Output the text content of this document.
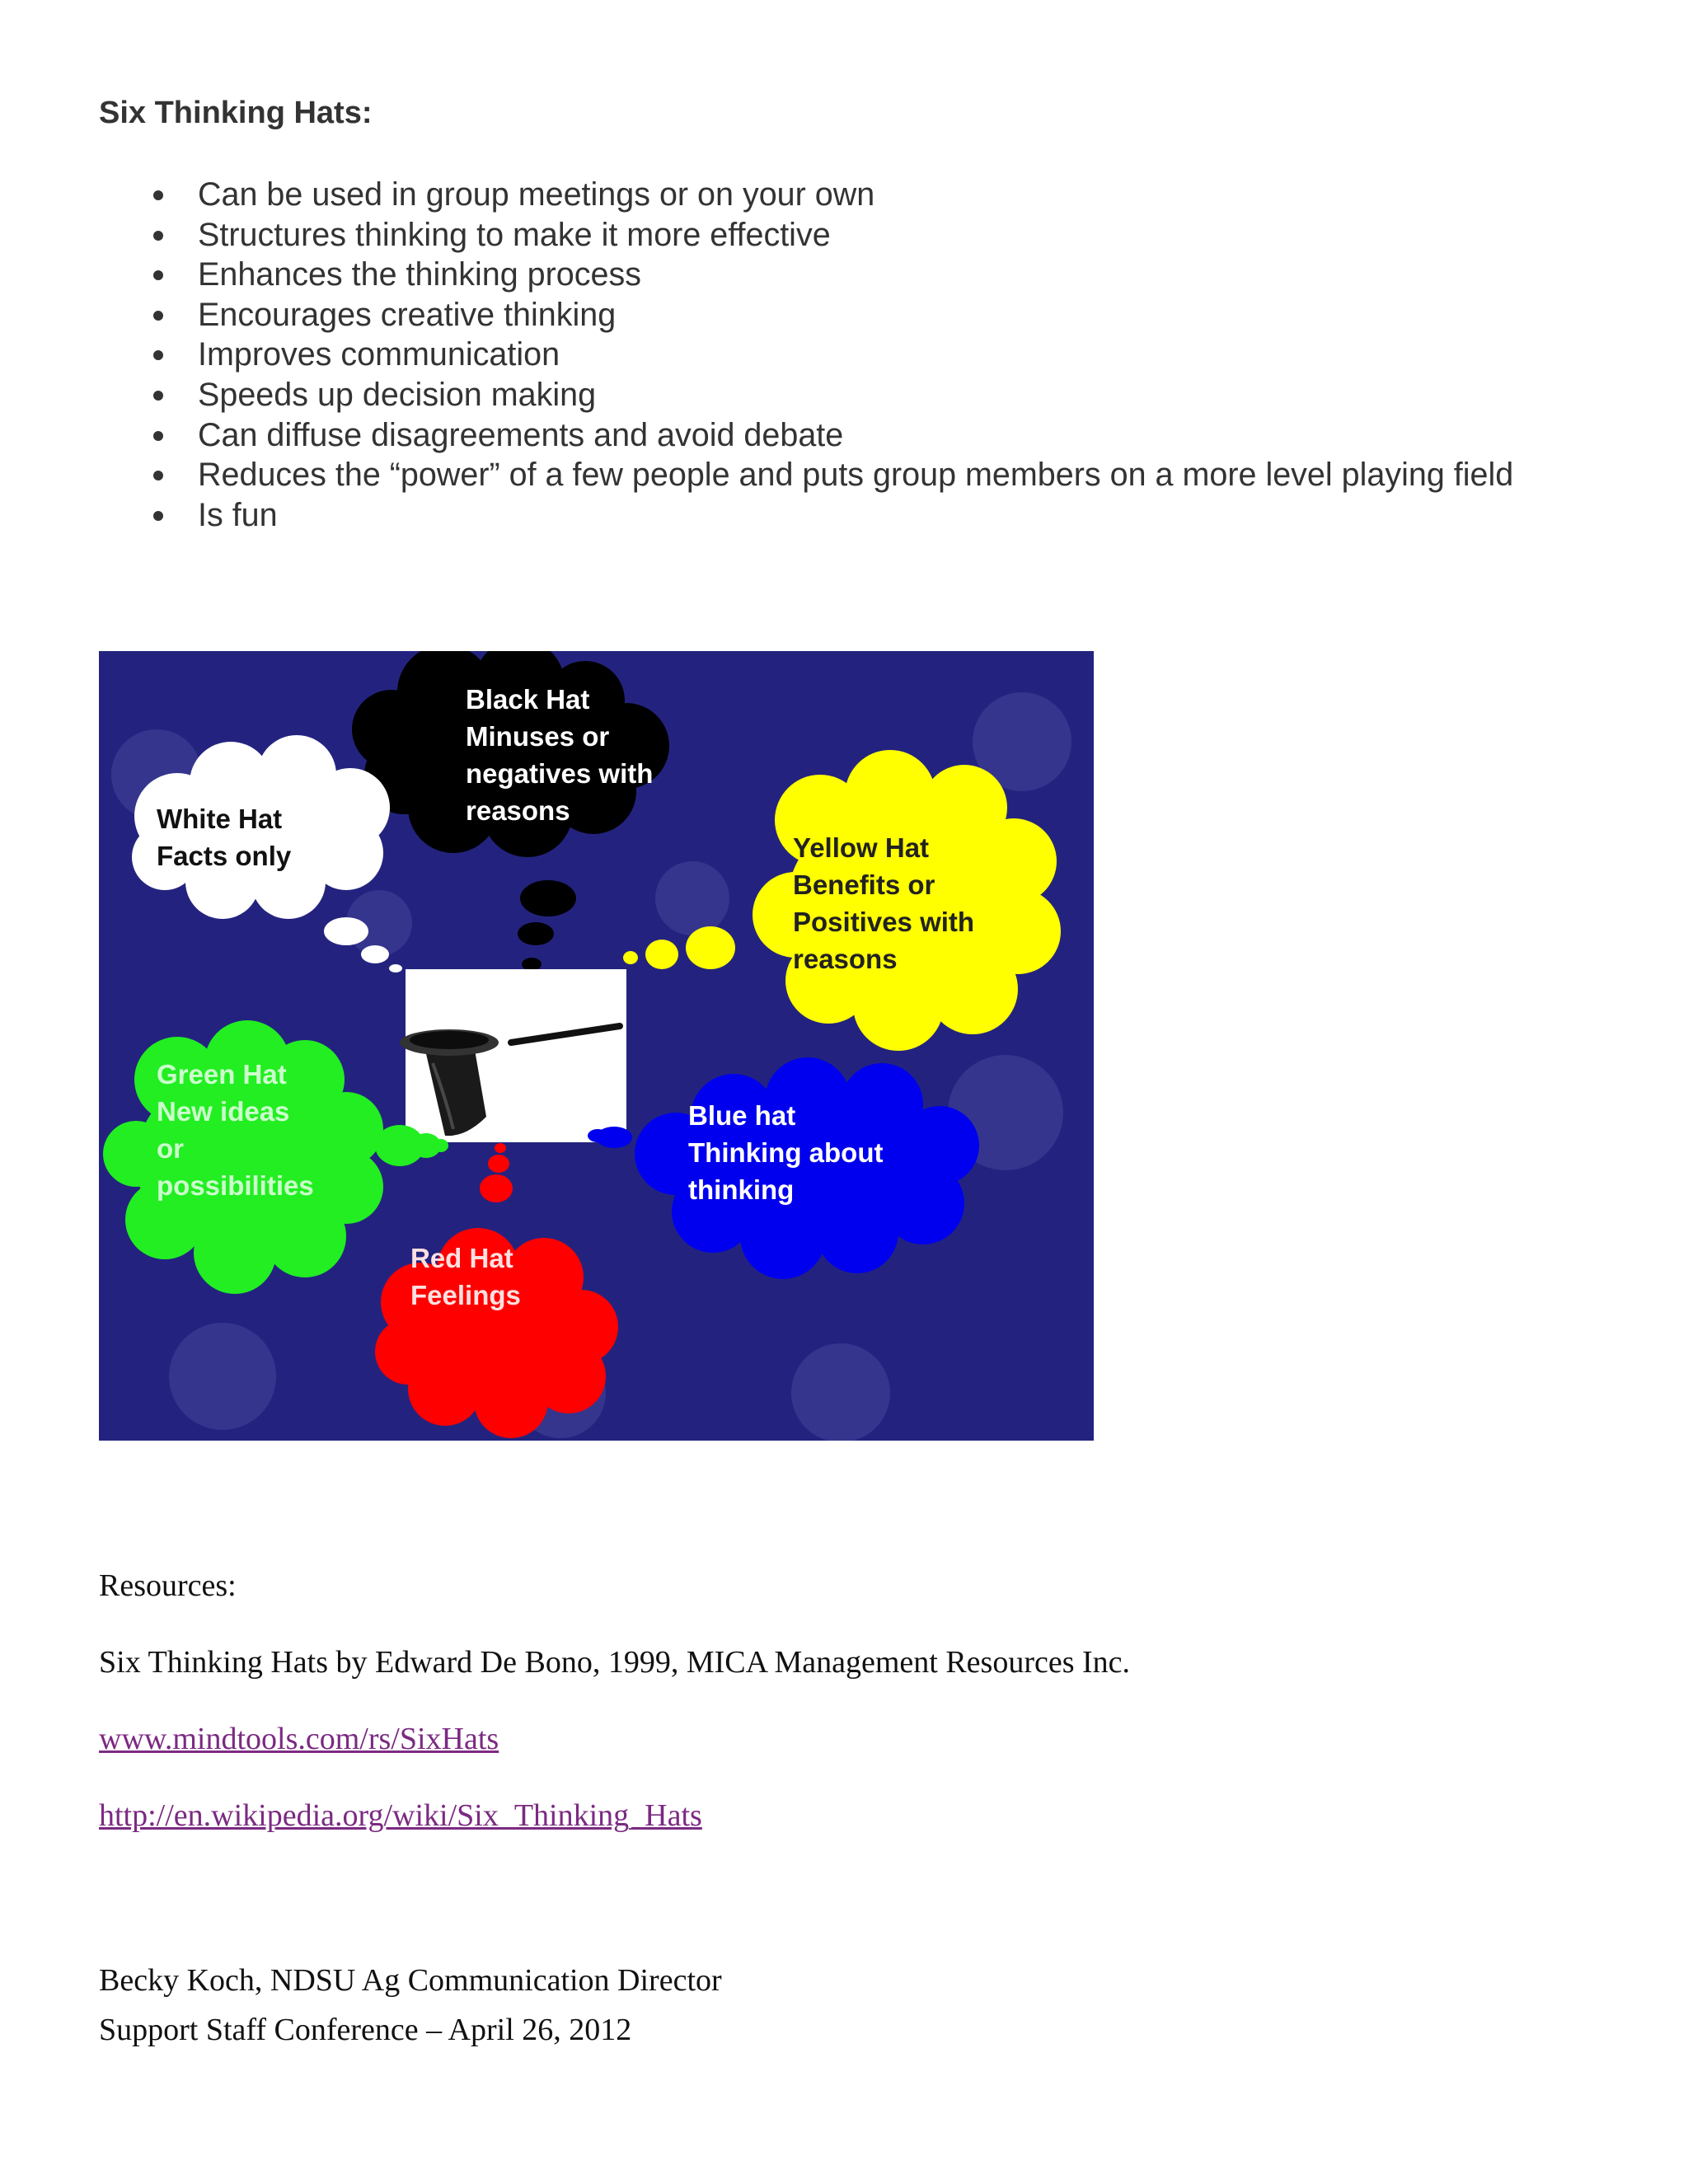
Six Thinking Hats:
Can be used in group meetings or on your own
Structures thinking to make it more effective
Enhances the thinking process
Encourages creative thinking
Improves communication
Speeds up decision making
Can diffuse disagreements and avoid debate
Reduces the “power” of a few people and puts group members on a more level playing field
Is fun
Black Hat Minuses or negatives with reasons
White Hat Facts only	Yellow Hat Benefits or Positives with reasons
Green Hat New ideas or possibilities
Blue hat Thinking about thinking
Red Hat Feelings

Resources:

Six Thinking Hats by Edward De Bono, 1999, MICA Management Resources Inc.

www.mindtools.com/rs/SixHats

http://en.wikipedia.org/wiki/Six_Thinking_Hats

Becky Koch, NDSU Ag Communication Director

Support Staff Conference – April 26, 2012
